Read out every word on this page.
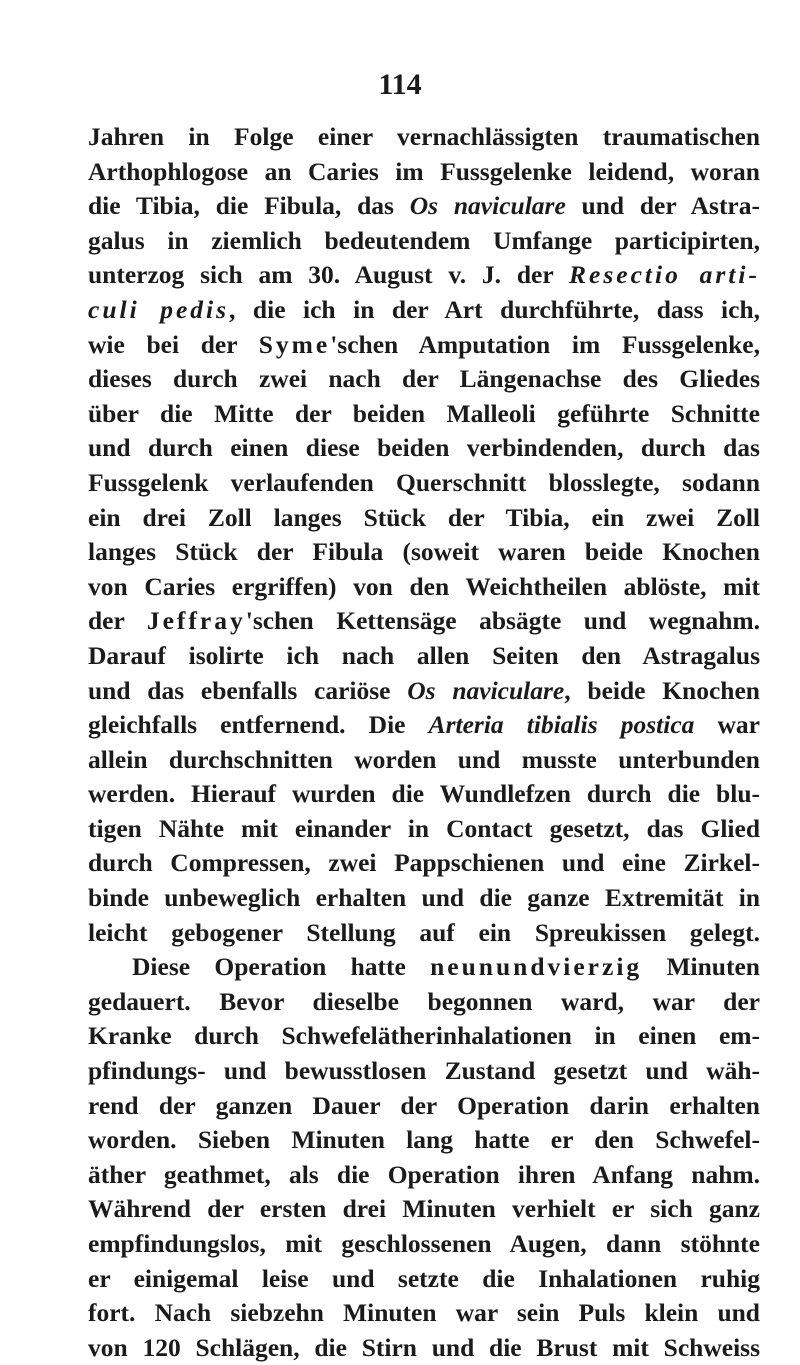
114
Jahren in Folge einer vernachlässigten traumatischen
Arthophlogose an Caries im Fussgelenke leidend, woran
die Tibia, die Fibula, das Os naviculare und der Astra-
galus in ziemlich bedeutendem Umfange participirten,
unterzog sich am 30. August v. J. der Resectio arti-
culi pedis, die ich in der Art durchführte, dass ich,
wie bei der Syme'schen Amputation im Fussgelenke,
dieses durch zwei nach der Längenachse des Gliedes
über die Mitte der beiden Malleoli geführte Schnitte
und durch einen diese beiden verbindenden, durch das
Fussgelenk verlaufenden Querschnitt blosslegte, sodann
ein drei Zoll langes Stück der Tibia, ein zwei Zoll
langes Stück der Fibula (soweit waren beide Knochen
von Caries ergriffen) von den Weichtheilen ablöste, mit
der Jeffray'schen Kettensäge absägte und wegnahm.
Darauf isolirte ich nach allen Seiten den Astragalus
und das ebenfalls cariöse Os naviculare, beide Knochen
gleichfalls entfernend. Die Arteria tibialis postica war
allein durchschnitten worden und musste unterbunden
werden. Hierauf wurden die Wundlefzen durch die blu-
tigen Nähte mit einander in Contact gesetzt, das Glied
durch Compressen, zwei Pappschienen und eine Zirkel-
binde unbeweglich erhalten und die ganze Extremität in
leicht gebogener Stellung auf ein Spreukissen gelegt.
Diese Operation hatte neunundvierzig Minuten
gedauert. Bevor dieselbe begonnen ward, war der
Kranke durch Schwefelätherinhalationen in einen em-
pfindungs- und bewusstlosen Zustand gesetzt und wäh-
rend der ganzen Dauer der Operation darin erhalten
worden. Sieben Minuten lang hatte er den Schwefel-
äther geathmet, als die Operation ihren Anfang nahm.
Während der ersten drei Minuten verhielt er sich ganz
empfindungslos, mit geschlossenen Augen, dann stöhnte
er einigemal leise und setzte die Inhalationen ruhig
fort. Nach siebzehn Minuten war sein Puls klein und
von 120 Schlägen, die Stirn und die Brust mit Schweiss
